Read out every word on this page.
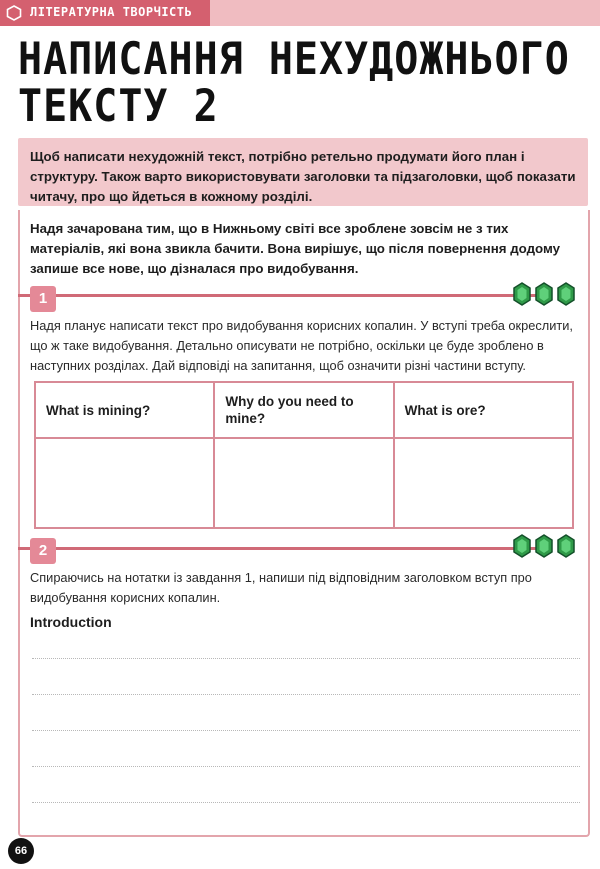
ЛІТЕРАТУРНА ТВОРЧІСТЬ
НАПИСАННЯ НЕХУДОЖНЬОГО
ТЕКСТУ 2
Щоб написати нехудожній текст, потрібно ретельно продумати його план і структуру. Також варто використовувати заголовки та підзаголовки, щоб показати читачу, про що йдеться в кожному розділі.
Надя зачарована тим, що в Нижньому світі все зроблене зовсім не з тих матеріалів, які вона звикла бачити. Вона вирішує, що після повернення додому запише все нове, що дізналася про видобування.
1
Надя планує написати текст про видобування корисних копалин. У вступі треба окреслити, що ж таке видобування. Детально описувати не потрібно, оскільки це буде зроблено в наступних розділах. Дай відповіді на запитання, щоб означити різні частини вступу.
What is mining?	Why do you need to mine?	What is ore?

2
Спираючись на нотатки із завдання 1, напиши під відповідним заголовком вступ про видобування корисних копалин.
Introduction
66
